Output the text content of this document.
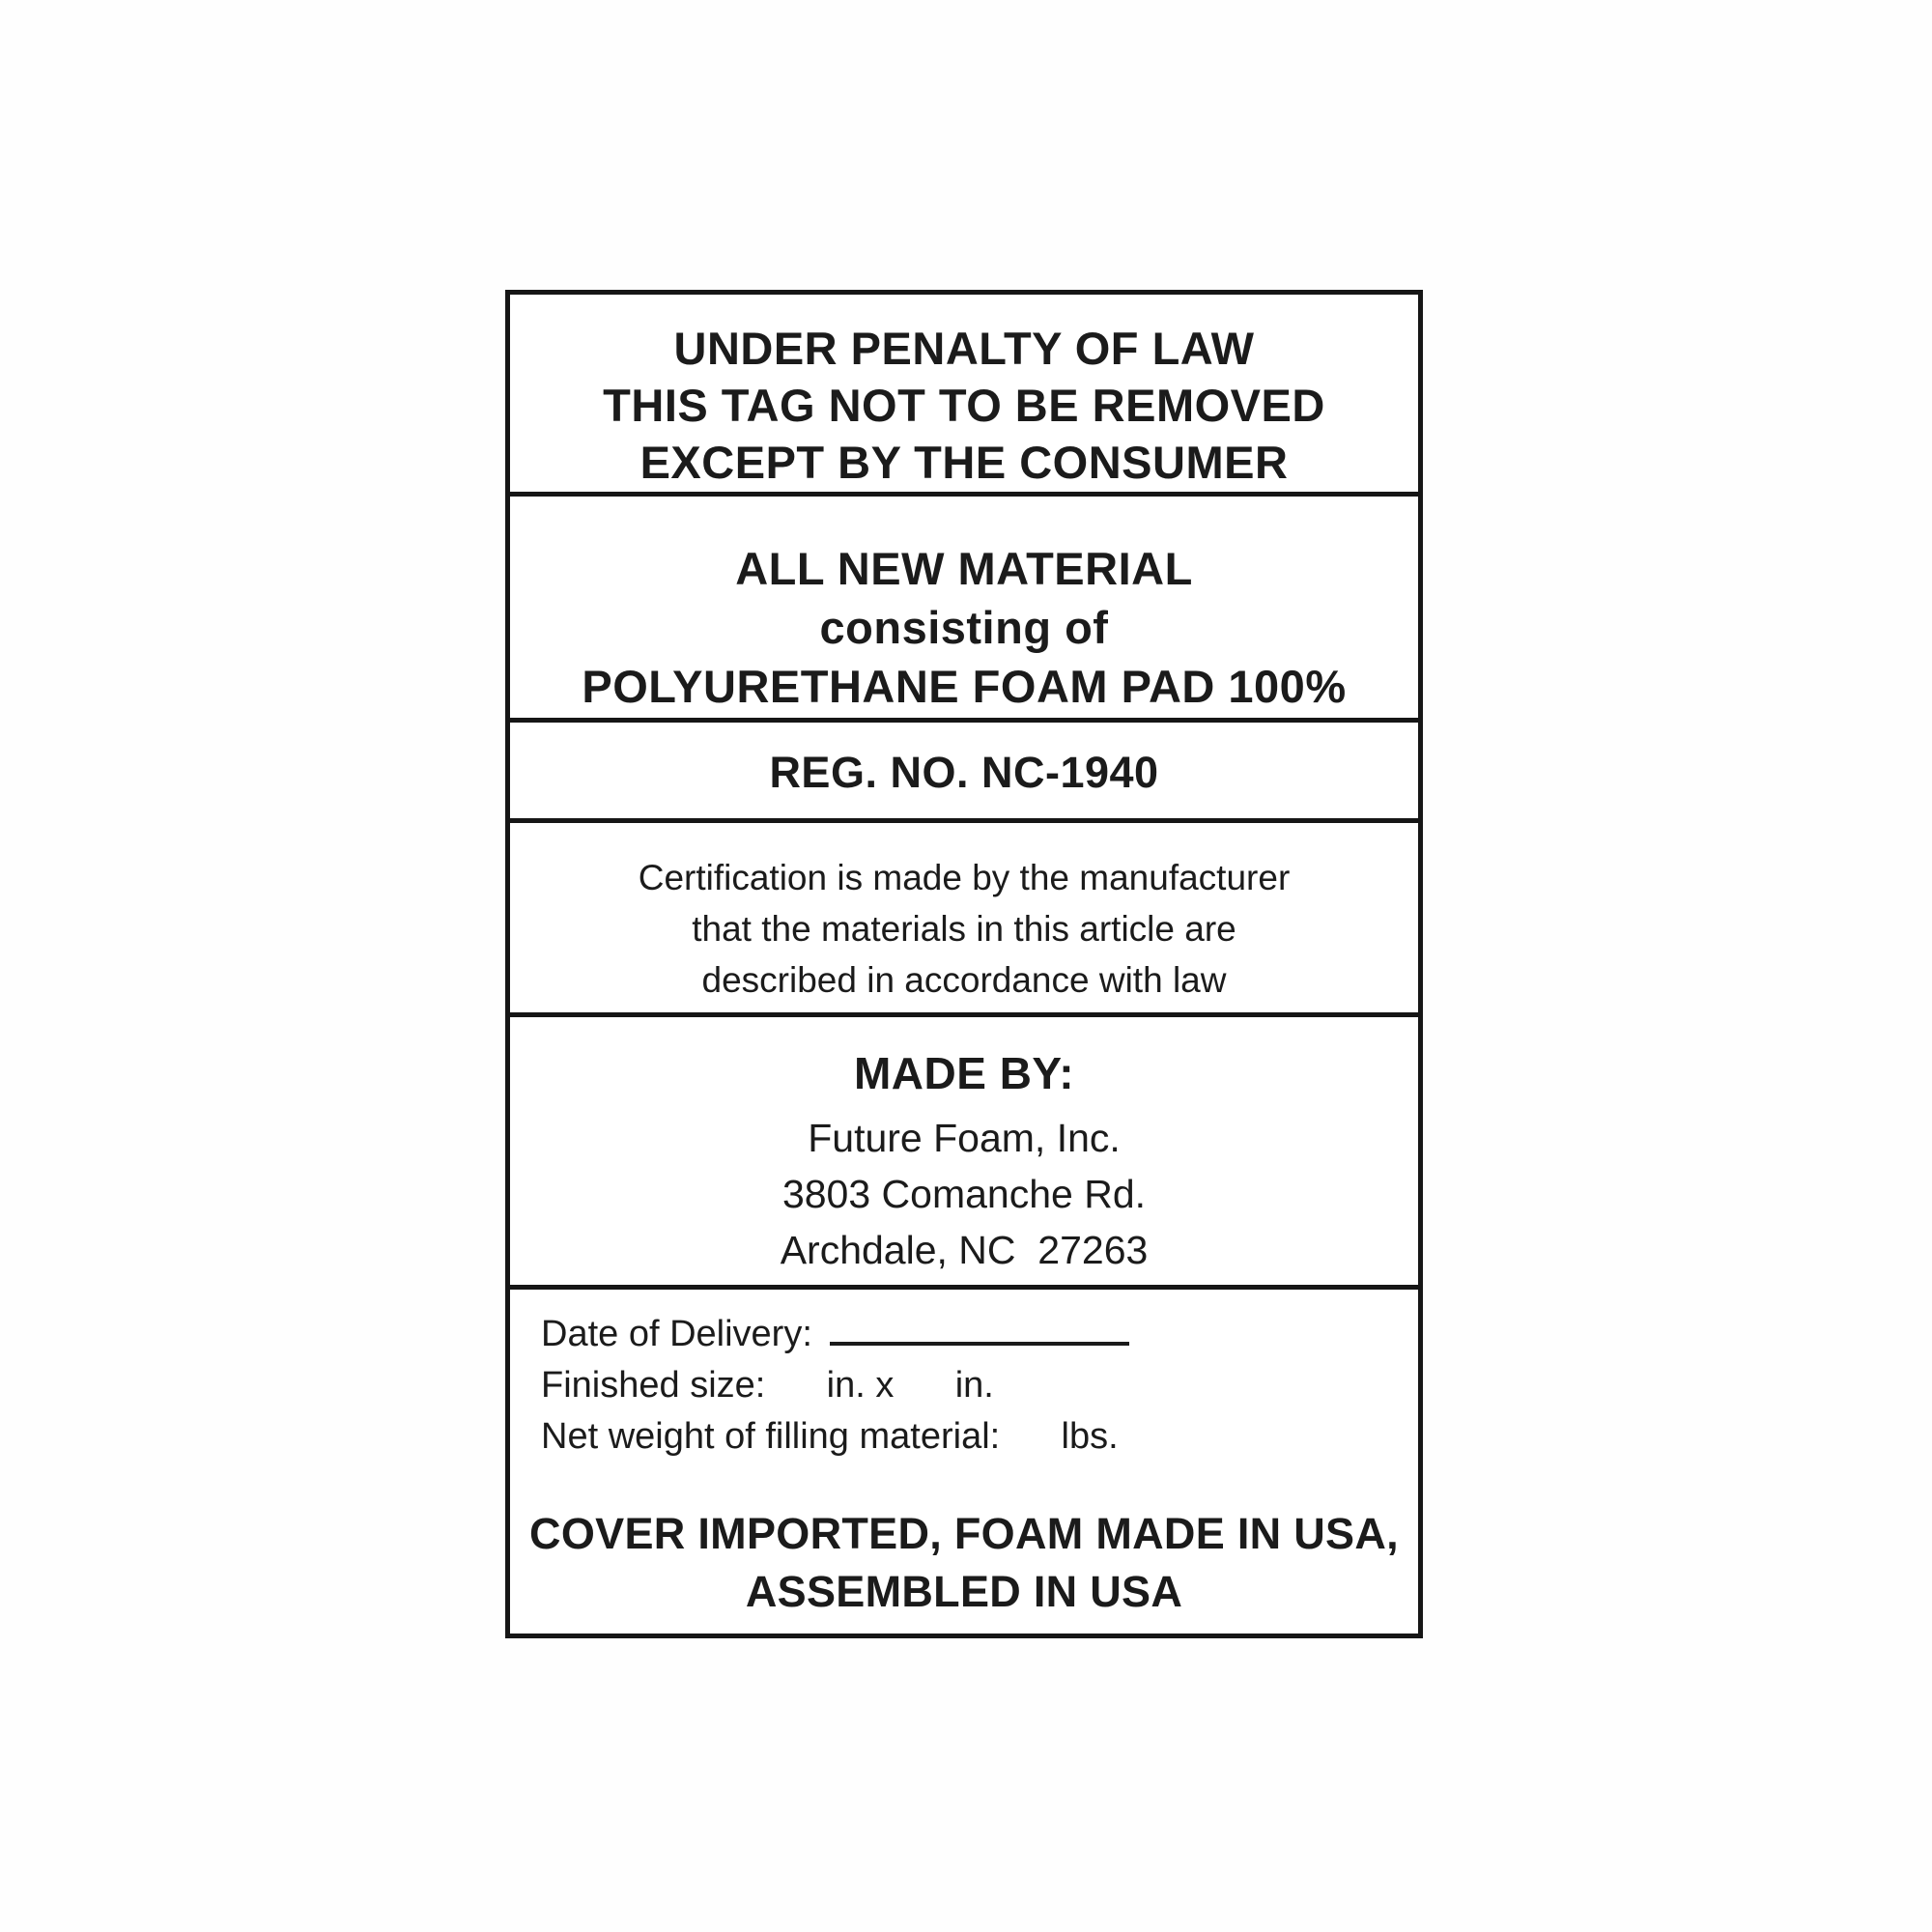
UNDER PENALTY OF LAW
THIS TAG NOT TO BE REMOVED
EXCEPT BY THE CONSUMER
ALL NEW MATERIAL
consisting of
POLYURETHANE FOAM PAD 100%
REG. NO. NC-1940
Certification is made by the manufacturer
that the materials in this article are
described in accordance with law
MADE BY:
Future Foam, Inc.
3803 Comanche Rd.
Archdale, NC  27263
Date of Delivery:
Finished size:      in. x      in.
Net weight of filling material:      lbs.
COVER IMPORTED, FOAM MADE IN USA,
ASSEMBLED IN USA
